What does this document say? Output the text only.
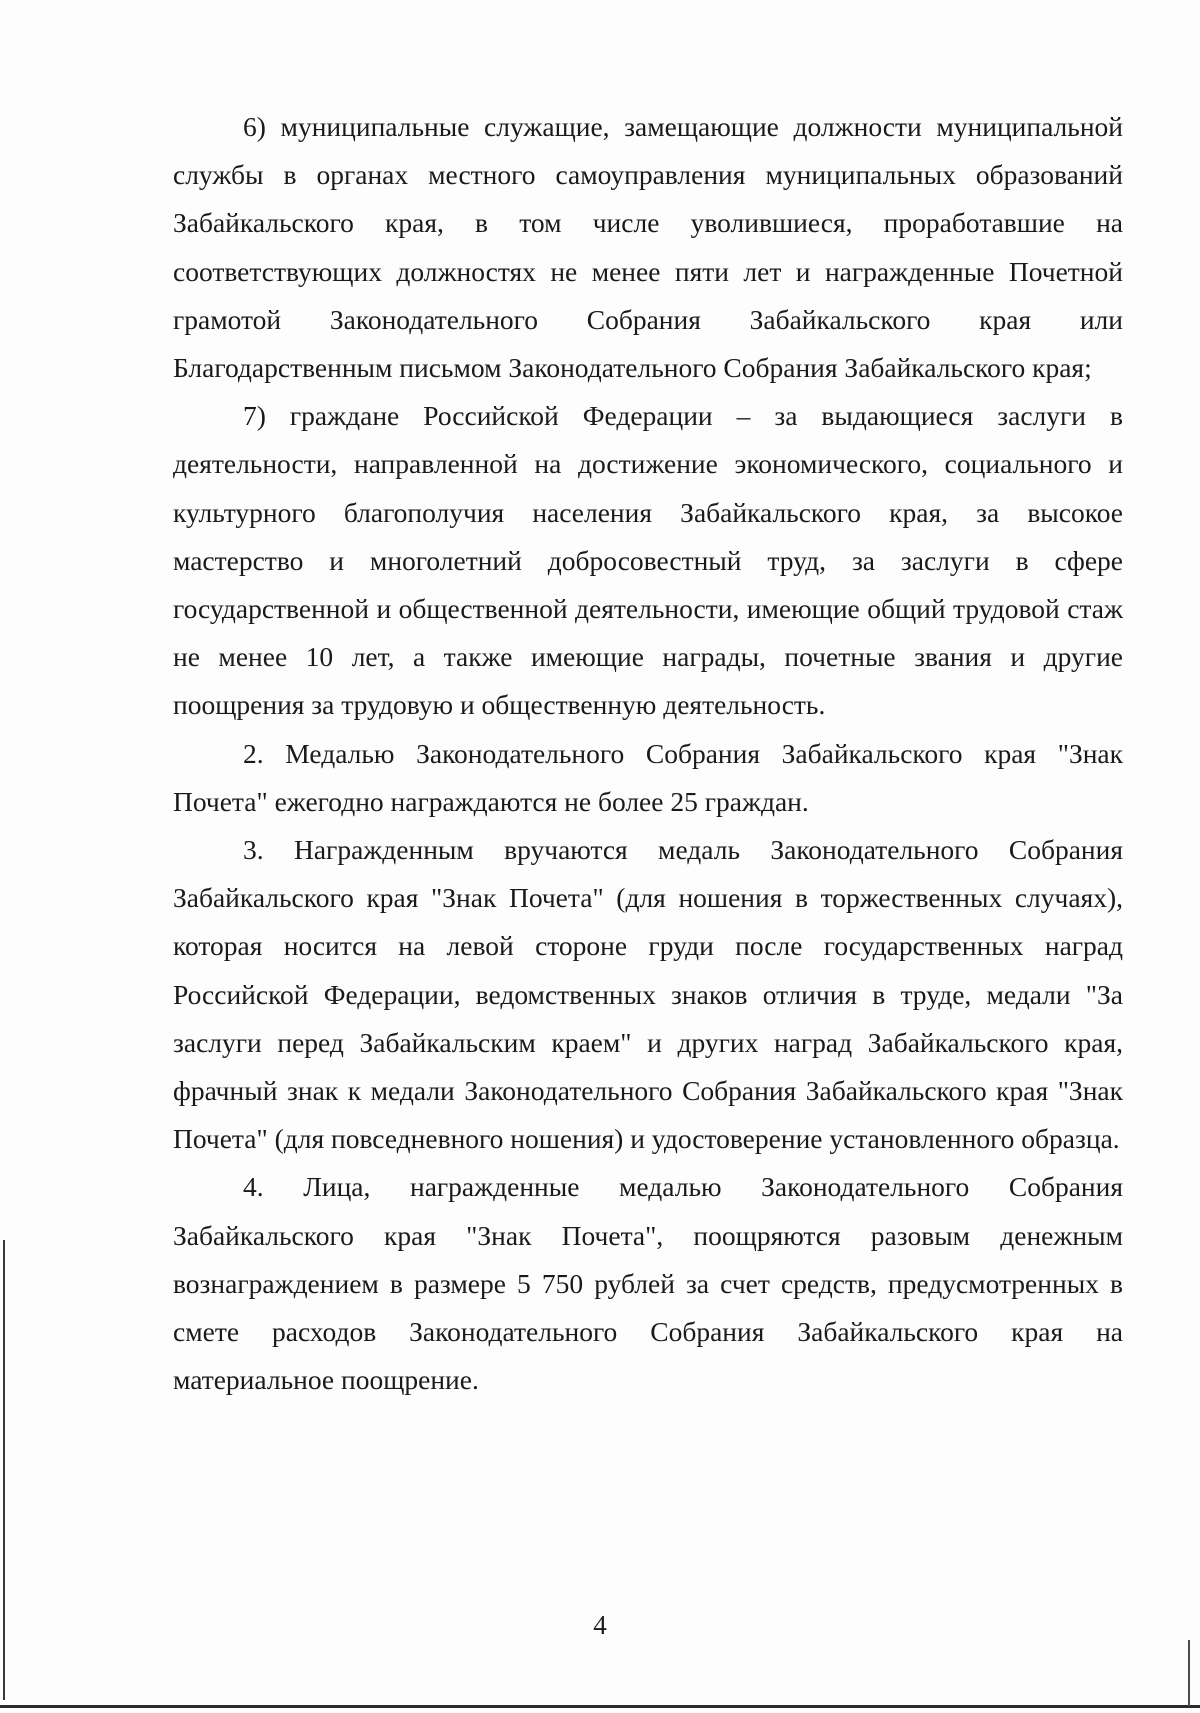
6) муниципальные служащие, замещающие должности муниципальной службы в органах местного самоуправления муниципальных образований Забайкальского края, в том числе уволившиеся, проработавшие на соответствующих должностях не менее пяти лет и награжденные Почетной грамотой Законодательного Собрания Забайкальского края или Благодарственным письмом Законодательного Собрания Забайкальского края;

7) граждане Российской Федерации – за выдающиеся заслуги в деятельности, направленной на достижение экономического, социального и культурного благополучия населения Забайкальского края, за высокое мастерство и многолетний добросовестный труд, за заслуги в сфере государственной и общественной деятельности, имеющие общий трудовой стаж не менее 10 лет, а также имеющие награды, почетные звания и другие поощрения за трудовую и общественную деятельность.

2. Медалью Законодательного Собрания Забайкальского края "Знак Почета" ежегодно награждаются не более 25 граждан.

3. Награжденным вручаются медаль Законодательного Собрания Забайкальского края "Знак Почета" (для ношения в торжественных случаях), которая носится на левой стороне груди после государственных наград Российской Федерации, ведомственных знаков отличия в труде, медали "За заслуги перед Забайкальским краем" и других наград Забайкальского края, фрачный знак к медали Законодательного Собрания Забайкальского края "Знак Почета" (для повседневного ношения) и удостоверение установленного образца.

4. Лица, награжденные медалью Законодательного Собрания Забайкальского края "Знак Почета", поощряются разовым денежным вознаграждением в размере 5 750 рублей за счет средств, предусмотренных в смете расходов Законодательного Собрания Забайкальского края на материальное поощрение.

4
